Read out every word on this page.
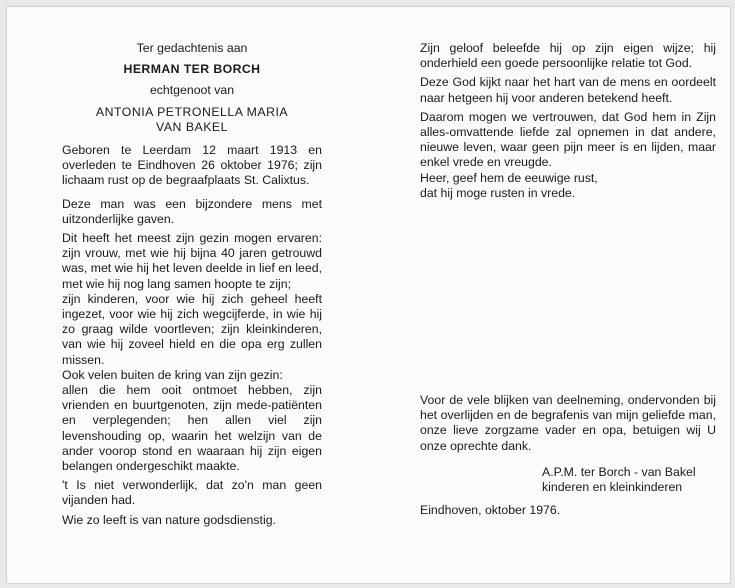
Ter gedachtenis aan

HERMAN TER BORCH

echtgenoot van

ANTONIA PETRONELLA MARIA

VAN BAKEL

Geboren te Leerdam 12 maart 1913 en overleden te Eindhoven 26 oktober 1976; zijn lichaam rust op de begraafplaats St. Calixtus.

Deze man was een bijzondere mens met uitzonderlijke gaven.

Dit heeft het meest zijn gezin mogen ervaren: zijn vrouw, met wie hij bijna 40 jaren getrouwd was, met wie hij het leven deelde in lief en leed, met wie hij nog lang samen hoopte te zijn;

zijn kinderen, voor wie hij zich geheel heeft ingezet, voor wie hij zich wegcijferde, in wie hij zo graag wilde voortleven; zijn kleinkinderen, van wie hij zoveel hield en die opa erg zullen missen.

Ook velen buiten de kring van zijn gezin:

allen die hem ooit ontmoet hebben, zijn vrienden en buurtgenoten, zijn mede-patiënten en verplegenden; hen allen viel zijn levenshouding op, waarin het welzijn van de ander voorop stond en waaraan hij zijn eigen belangen ondergeschikt maakte.

't Is niet verwonderlijk, dat zo'n man geen vijanden had.

Wie zo leeft is van nature godsdienstig.

Zijn geloof beleefde hij op zijn eigen wijze; hij onderhield een goede persoonlijke relatie tot God.

Deze God kijkt naar het hart van de mens en oordeelt naar hetgeen hij voor anderen betekend heeft.

Daarom mogen we vertrouwen, dat God hem in Zijn alles-omvattende liefde zal opnemen in dat andere, nieuwe leven, waar geen pijn meer is en lijden, maar enkel vrede en vreugde.

Heer, geef hem de eeuwige rust,

dat hij moge rusten in vrede.

Voor de vele blijken van deelneming, ondervonden bij het overlijden en de begrafenis van mijn geliefde man, onze lieve zorgzame vader en opa, betuigen wij U onze oprechte dank.

A.P.M. ter Borch - van Bakel

kinderen en kleinkinderen

Eindhoven, oktober 1976.
